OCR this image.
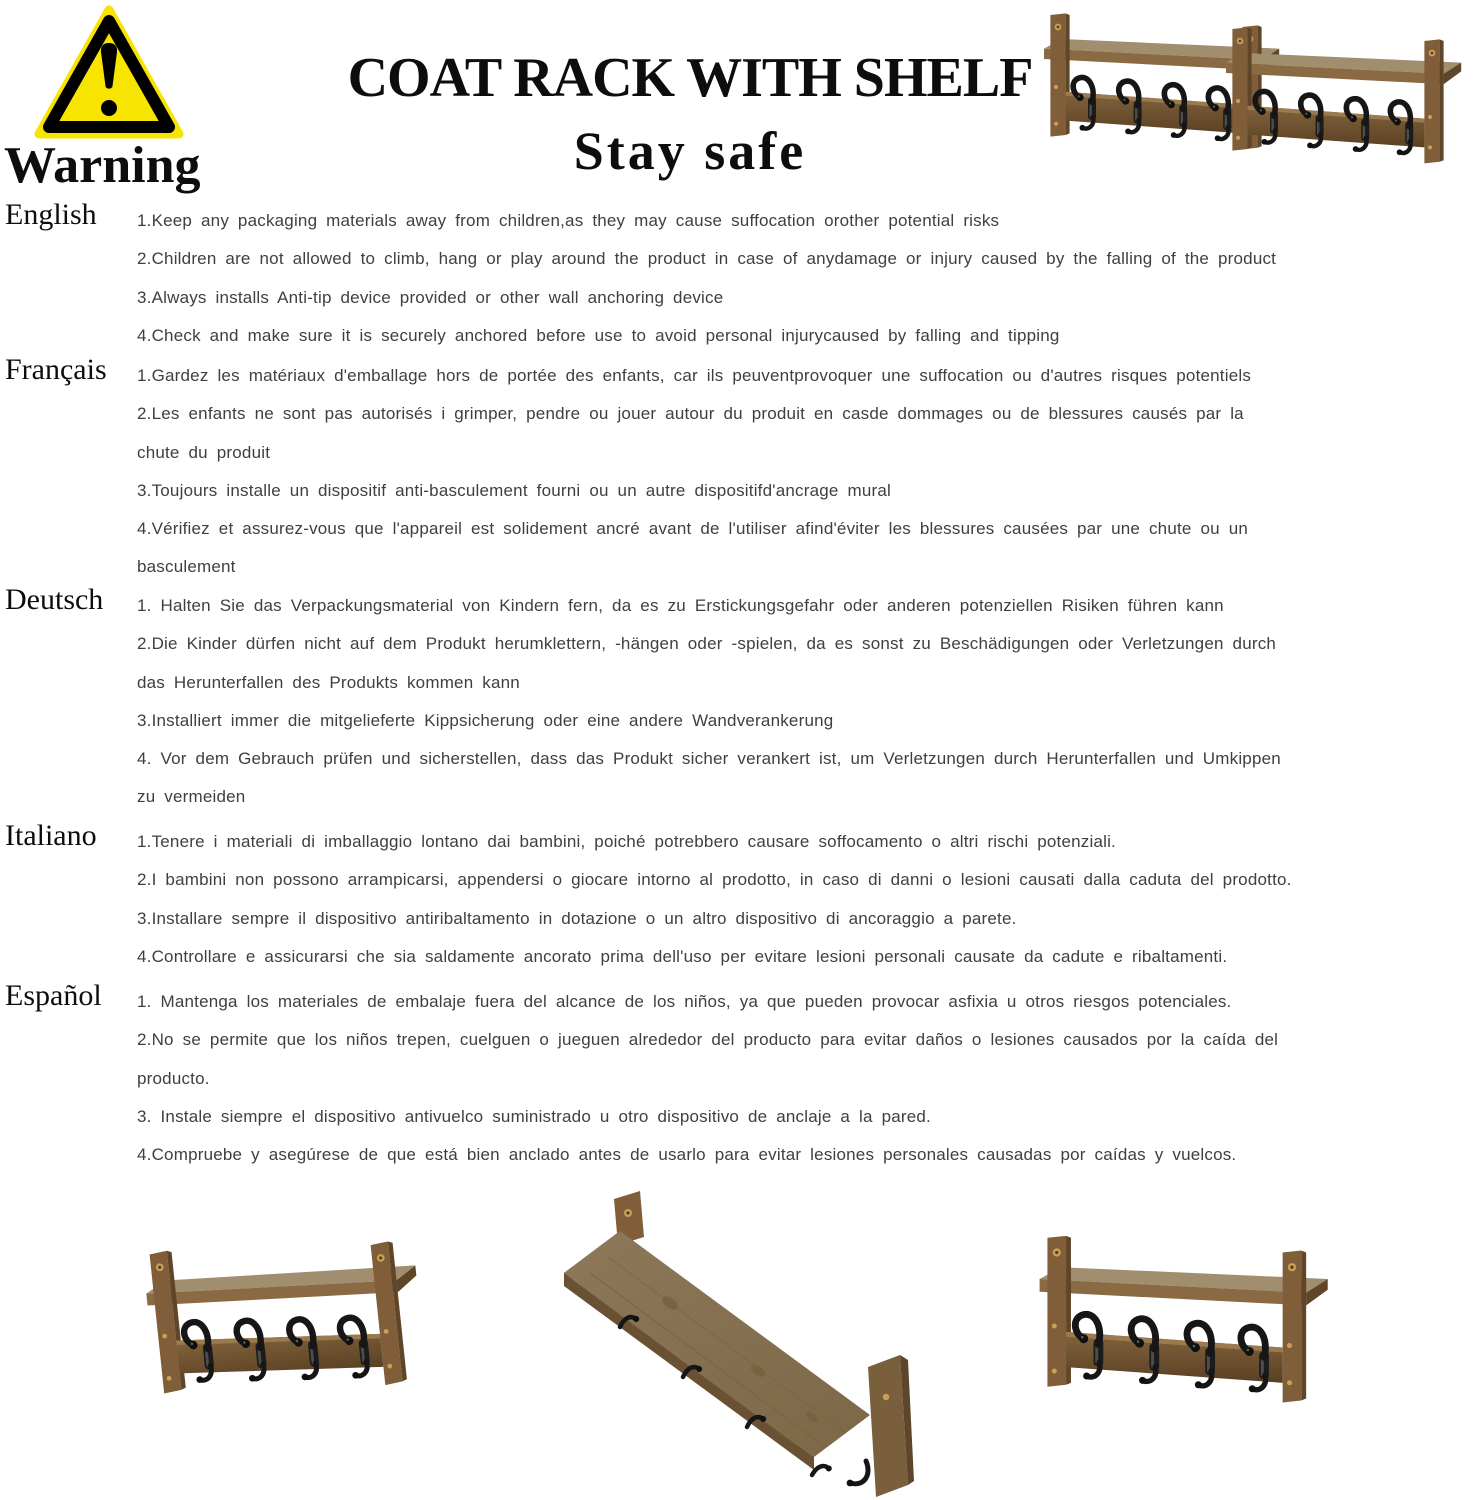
Warning
COAT RACK WITH SHELF
Stay safe
English 1.Keep any packaging materials away from children,as they may cause suffocation orother potential risks
2.Children are not allowed to climb, hang or play around the product in case of anydamage or injury caused by the falling of the product
3.Always installs Anti-tip device provided or other wall anchoring device
4.Check and make sure it is securely anchored before use to avoid personal injurycaused by falling and tipping
Français 1.Gardez les matériaux d'emballage hors de portée des enfants, car ils peuventprovoquer une suffocation ou d'autres risques potentiels
2.Les enfants ne sont pas autorisés i grimper, pendre ou jouer autour du produit en casde dommages ou de blessures causés par la
chute du produit
3.Toujours installe un dispositif anti-basculement fourni ou un autre dispositifd'ancrage mural
4.Vérifiez et assurez-vous que l'appareil est solidement ancré avant de l'utiliser afind'éviter les blessures causées par une chute ou un
basculement
Deutsch 1. Halten Sie das Verpackungsmaterial von Kindern fern, da es zu Erstickungsgefahr oder anderen potenziellen Risiken führen kann
2.Die Kinder dürfen nicht auf dem Produkt herumklettern, -hängen oder -spielen, da es sonst zu Beschädigungen oder Verletzungen durch
das Herunterfallen des Produkts kommen kann
3.Installiert immer die mitgelieferte Kippsicherung oder eine andere Wandverankerung
4. Vor dem Gebrauch prüfen und sicherstellen, dass das Produkt sicher verankert ist, um Verletzungen durch Herunterfallen und Umkippen
zu vermeiden
Italiano 1.Tenere i materiali di imballaggio lontano dai bambini, poiché potrebbero causare soffocamento o altri rischi potenziali.
2.I bambini non possono arrampicarsi, appendersi o giocare intorno al prodotto, in caso di danni o lesioni causati dalla caduta del prodotto.
3.Installare sempre il dispositivo antiribaltamento in dotazione o un altro dispositivo di ancoraggio a parete.
4.Controllare e assicurarsi che sia saldamente ancorato prima dell'uso per evitare lesioni personali causate da cadute e ribaltamenti.
Español 1. Mantenga los materiales de embalaje fuera del alcance de los niños, ya que pueden provocar asfixia u otros riesgos potenciales.
2.No se permite que los niños trepen, cuelguen o jueguen alrededor del producto para evitar daños o lesiones causados por la caída del
producto.
3. Instale siempre el dispositivo antivuelco suministrado u otro dispositivo de anclaje a la pared.
4.Compruebe y asegúrese de que está bien anclado antes de usarlo para evitar lesiones personales causadas por caídas y vuelcos.
